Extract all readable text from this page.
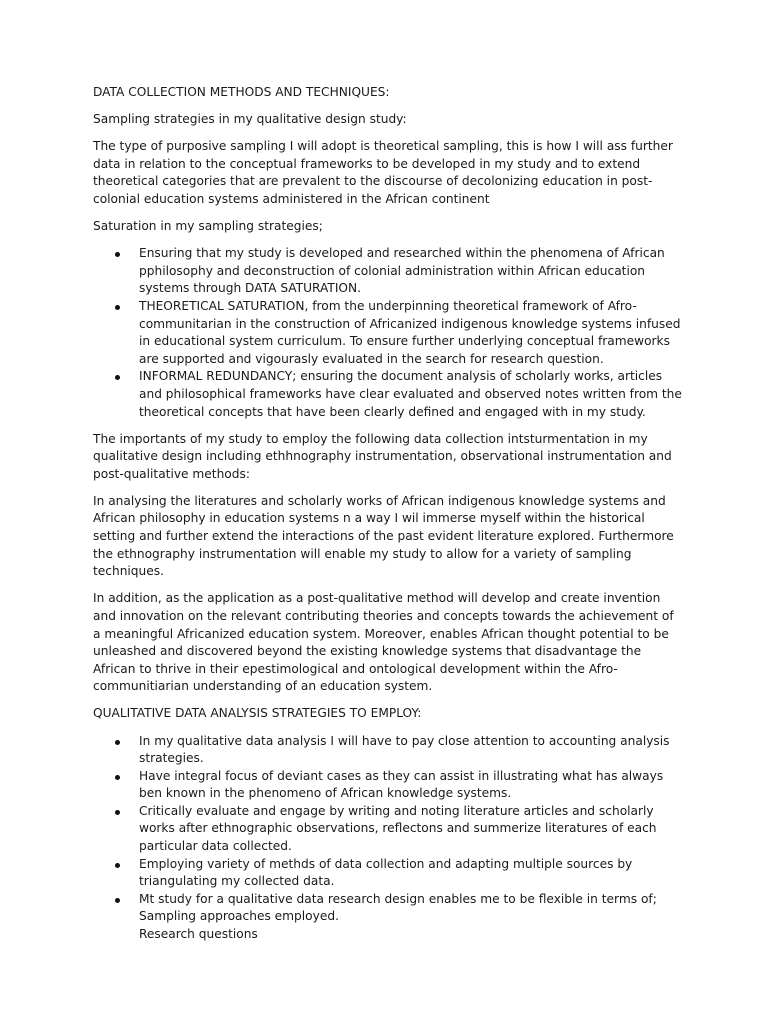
DATA COLLECTION METHODS AND TECHNIQUES:

Sampling strategies in my qualitative design study:

The type of purposive sampling I will adopt is theoretical sampling, this is how I will ass further data in relation to the conceptual frameworks to be developed in my study and to extend theoretical categories that are prevalent to the discourse of decolonizing education in post-colonial education systems administered in the African continent

Saturation in my sampling strategies;

Ensuring that my study is developed and researched within the phenomena of African pphilosophy and deconstruction of colonial administration within African education systems through DATA SATURATION.
THEORETICAL SATURATION, from the underpinning theoretical framework of Afro-communitarian in the construction of Africanized indigenous knowledge systems infused in educational system curriculum. To ensure further underlying conceptual frameworks are supported and vigourasly evaluated in the search for research question.
INFORMAL REDUNDANCY; ensuring the document analysis of scholarly works, articles and philosophical frameworks have clear evaluated and observed notes written from the theoretical concepts that have been clearly defined and engaged with in my study.

The importants of my study to employ the following data collection intsturmentation in my qualitative design including ethhnography instrumentation, observational instrumentation and post-qualitative methods:

In analysing the literatures and scholarly works of African indigenous knowledge systems and African philosophy in education systems n a way I wil immerse myself within the historical setting and further extend the interactions of the past evident literature explored. Furthermore the ethnography instrumentation will enable my study to allow for a variety of sampling techniques.

In addition, as the application as a post-qualitative method will develop and create invention and innovation on the relevant contributing theories and concepts towards the achievement of a meaningful Africanized education system. Moreover, enables African thought potential to be unleashed and discovered beyond the existing knowledge systems that disadvantage the African to thrive in their epestimological and ontological development within the Afro-communitiarian understanding of an education system.

QUALITATIVE DATA ANALYSIS STRATEGIES TO EMPLOY:

In my qualitative data analysis I will have to pay close attention to accounting analysis strategies.
Have integral focus of deviant cases as they can assist in illustrating what has always ben known in the phenomeno of African knowledge systems.
Critically evaluate and engage by writing and noting literature articles and scholarly works after ethnographic observations, reflectons and summerize literatures of each particular data collected.
Employing variety of methds of data collection and adapting multiple sources by triangulating my collected data.
Mt study for a qualitative data research design enables me to be flexible in terms of;
Sampling approaches employed.
Research questions
